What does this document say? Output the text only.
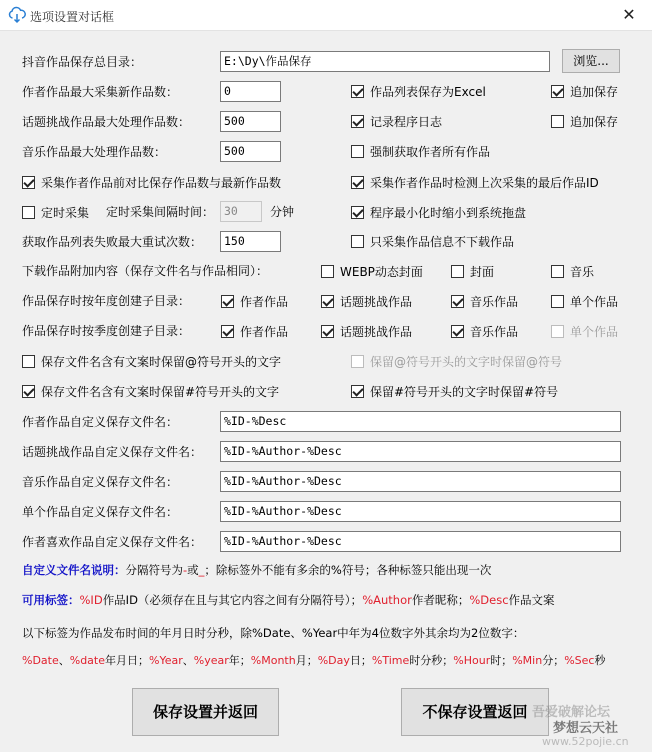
选项设置对话框	✕
抖音作品保存总目录：	E:\Dy\作品保存	浏览...
作者作品最大采集新作品数：	0	作品列表保存为Excel	追加保存
话题挑战作品最大处理作品数：	500	记录程序日志	追加保存
音乐作品最大处理作品数：	500	强制获取作者所有作品
采集作者作品前对比保存作品数与最新作品数	采集作者作品时检测上次采集的最后作品ID
定时采集 定时采集间隔时间： 30	分钟	程序最小化时缩小到系统拖盘
获取作品列表失败最大重试次数：	150	只采集作品信息不下载作品
下载作品附加内容（保存文件名与作品相同）：	WEBP动态封面	封面	音乐
作品保存时按年度创建子目录：	作者作品	话题挑战作品	音乐作品	单个作品
作品保存时按季度创建子目录：	作者作品	话题挑战作品	音乐作品	单个作品
保存文件名含有文案时保留@符号开头的文字	保留@符号开头的文字时保留@符号
保存文件名含有文案时保留#符号开头的文字	保留#符号开头的文字时保留#符号
作者作品自定义保存文件名：	%ID-%Desc
话题挑战作品自定义保存文件名：	%ID-%Author-%Desc
音乐作品自定义保存文件名：	%ID-%Author-%Desc
单个作品自定义保存文件名：	%ID-%Author-%Desc
作者喜欢作品自定义保存文件名：	%ID-%Author-%Desc
自定义文件名说明：分隔符号为-或_；除标签外不能有多余的%符号；各种标签只能出现一次
可用标签：%ID作品ID（必须存在且与其它内容之间有分隔符号）；%Author作者昵称；%Desc作品文案
以下标签为作品发布时间的年月日时分秒，除%Date、%Year中年为4位数字外其余均为2位数字：
%Date、%date年月日；%Year、%year年；%Month月；%Day日；%Time时分秒；%Hour时；%Min分；%Sec秒
保存设置并返回	不保存设置返回 吾爱破解论坛
梦想云天社
www.52pojie.cn
